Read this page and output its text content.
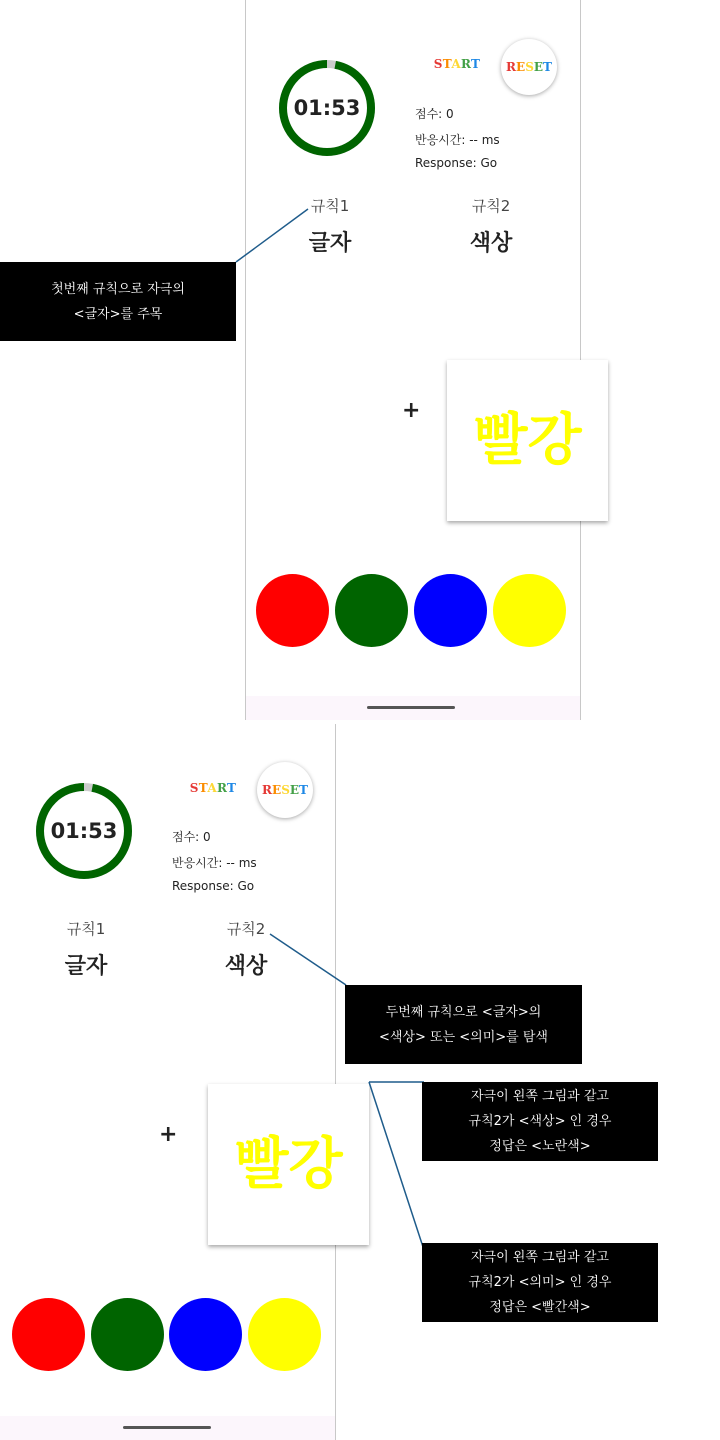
01:53
START	RESET
점수: 0
반응시간: -- ms
Response: Go
규칙1
글자
규칙2
색상
+ 빨강
01:53
START	RESET
점수: 0
반응시간: -- ms
Response: Go
규칙1
글자
규칙2
색상
+	빨강
첫번째 규칙으로 자극의
<글자>를 주목
두번째 규칙으로 <글자>의
<색상> 또는 <의미>를 탐색
자극이 왼쪽 그림과 같고
규칙2가 <색상> 인 경우
정답은 <노란색>
자극이 왼쪽 그림과 같고
규칙2가 <의미> 인 경우
정답은 <빨간색>
